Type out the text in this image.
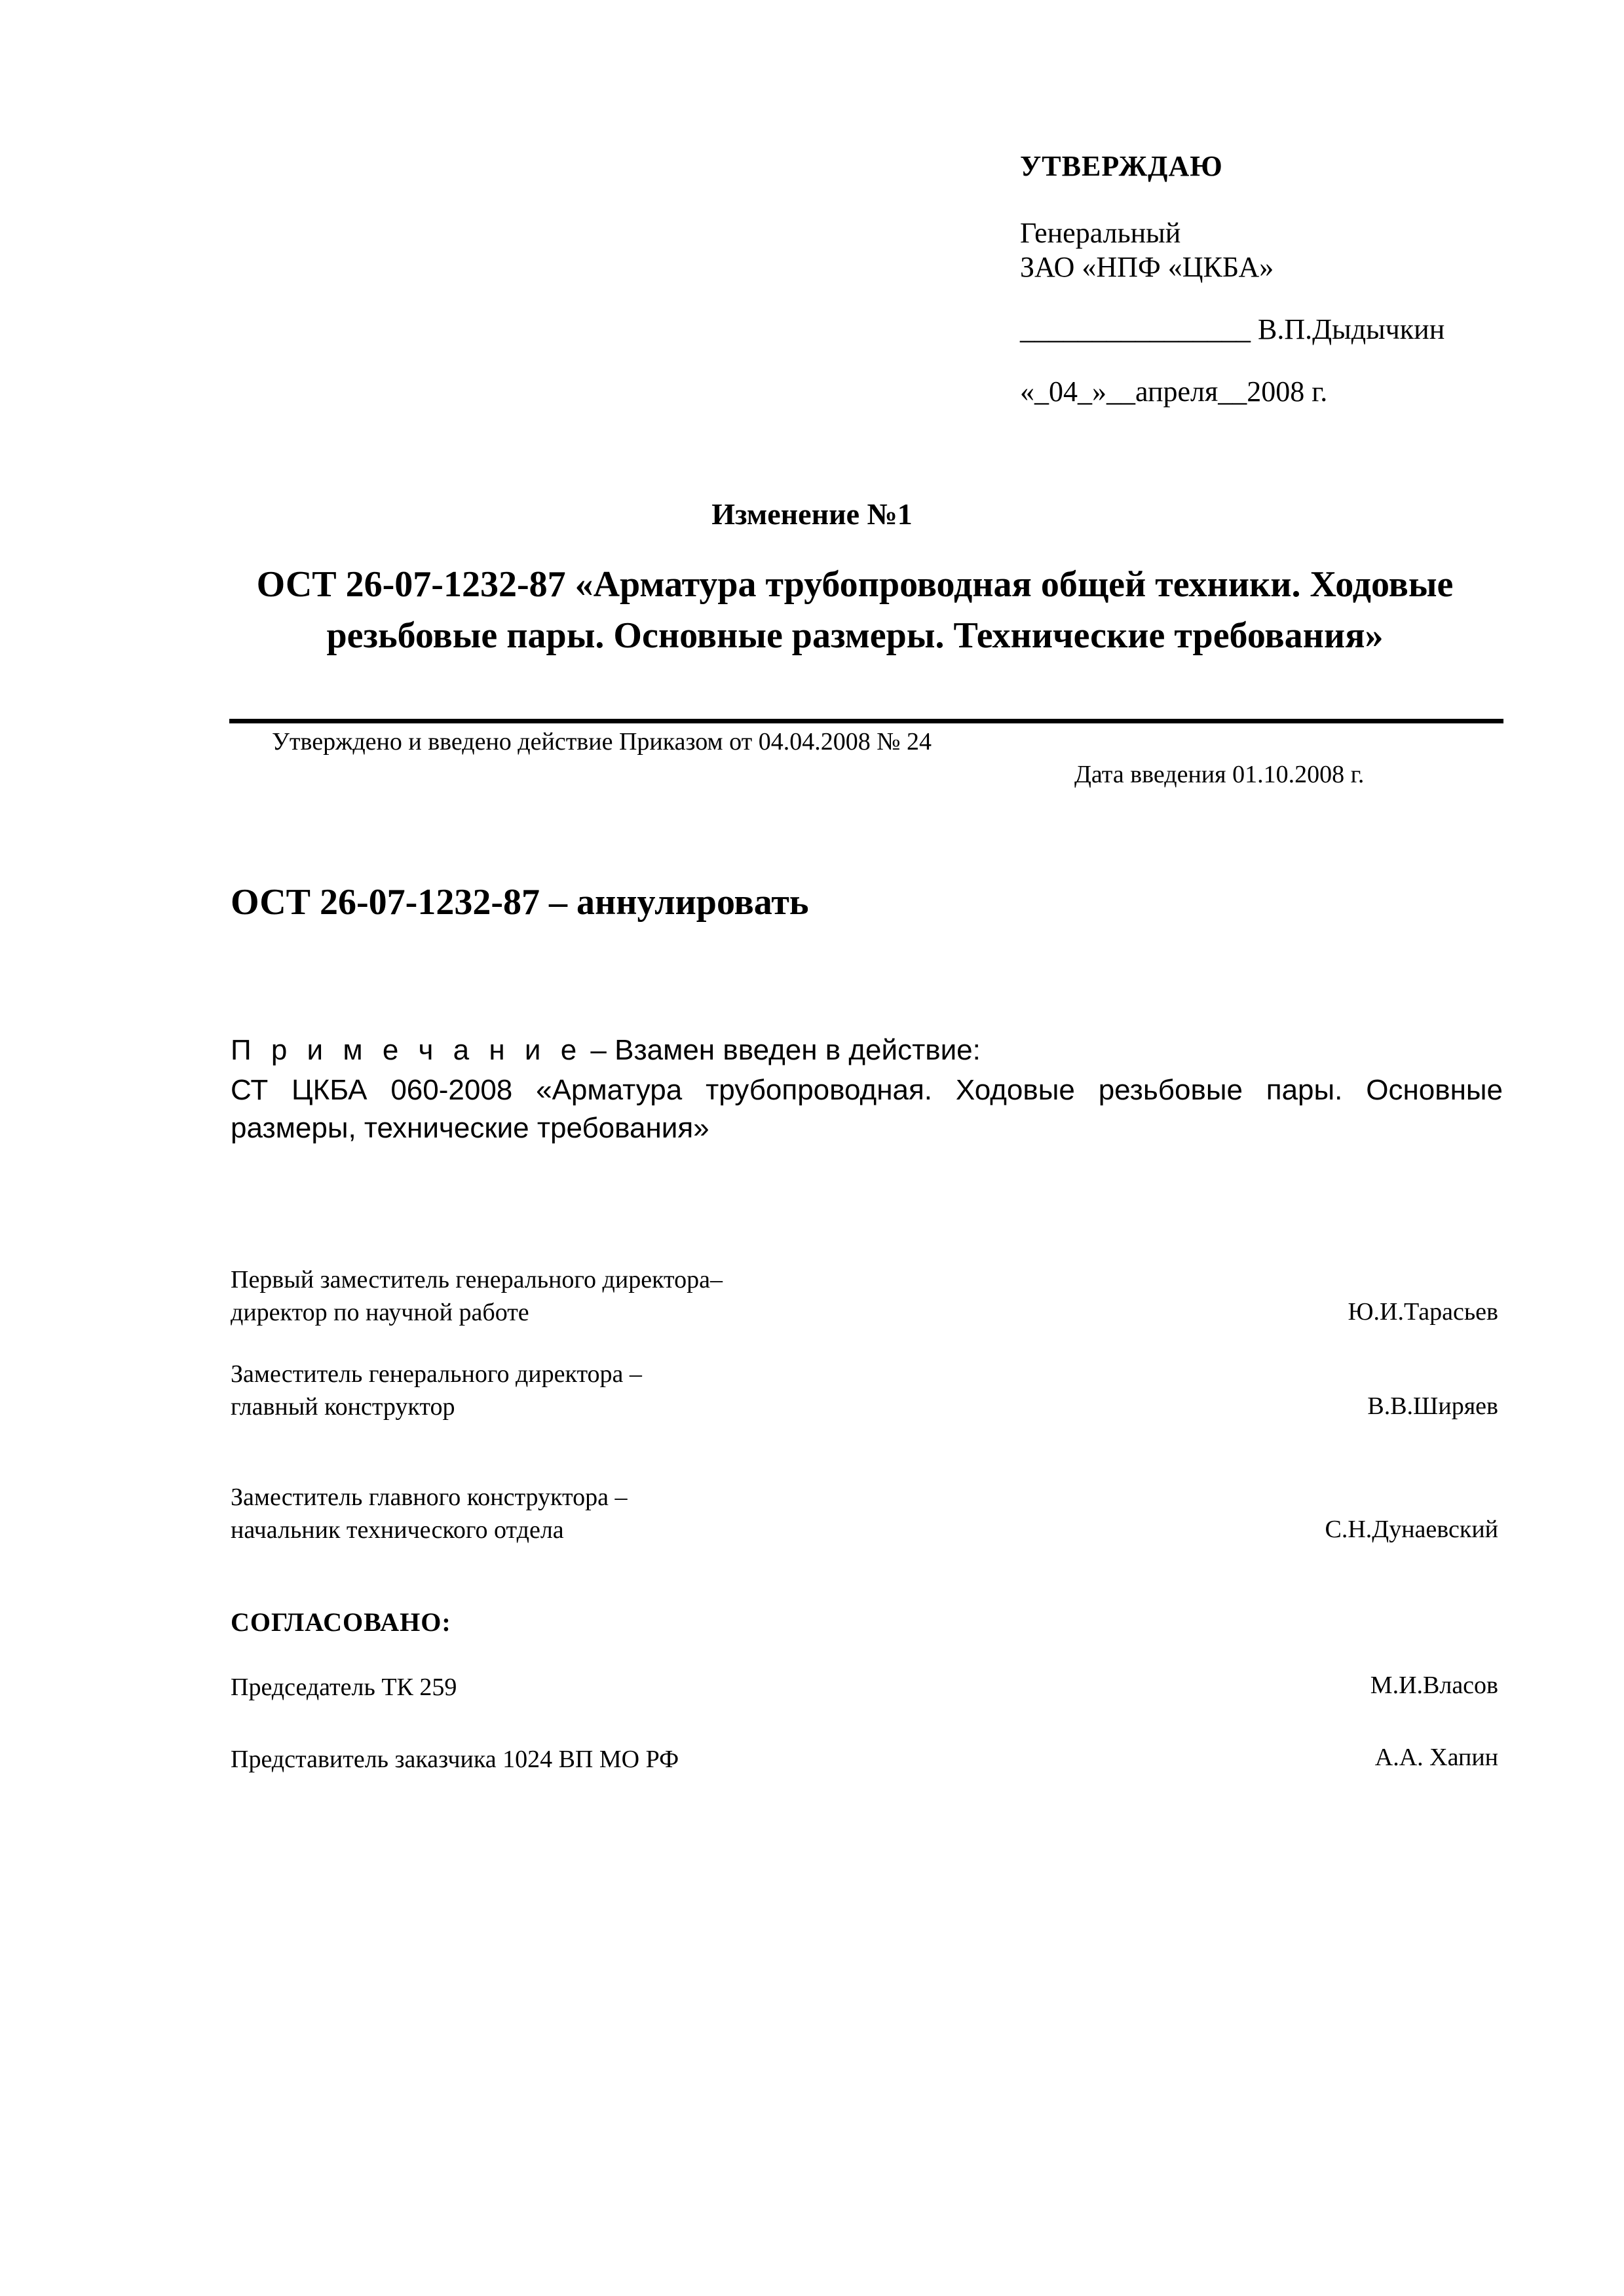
УТВЕРЖДАЮ
Генеральный
ЗАО «НПФ «ЦКБА»
________________ В.П.Дыдычкин
«_04_»__апреля__2008 г.
Изменение №1
ОСТ 26-07-1232-87 «Арматура трубопроводная общей техники. Ходовые резьбовые пары. Основные размеры. Технические требования»
Утверждено и введено действие Приказом от 04.04.2008 № 24
Дата введения 01.10.2008 г.
ОСТ 26-07-1232-87 – аннулировать
П р и м е ч а н и е – Взамен введен в действие:
СТ ЦКБА 060-2008 «Арматура трубопроводная. Ходовые резьбовые пары. Основные размеры, технические требования»
Первый заместитель генерального директора–
директор по научной работе	Ю.И.Тарасьев
Заместитель генерального директора –
главный конструктор	В.В.Ширяев
Заместитель главного конструктора –
начальник технического отдела	С.Н.Дунаевский
СОГЛАСОВАНО:
Председатель ТК 259	М.И.Власов
Представитель заказчика 1024 ВП МО РФ	А.А. Хапин
